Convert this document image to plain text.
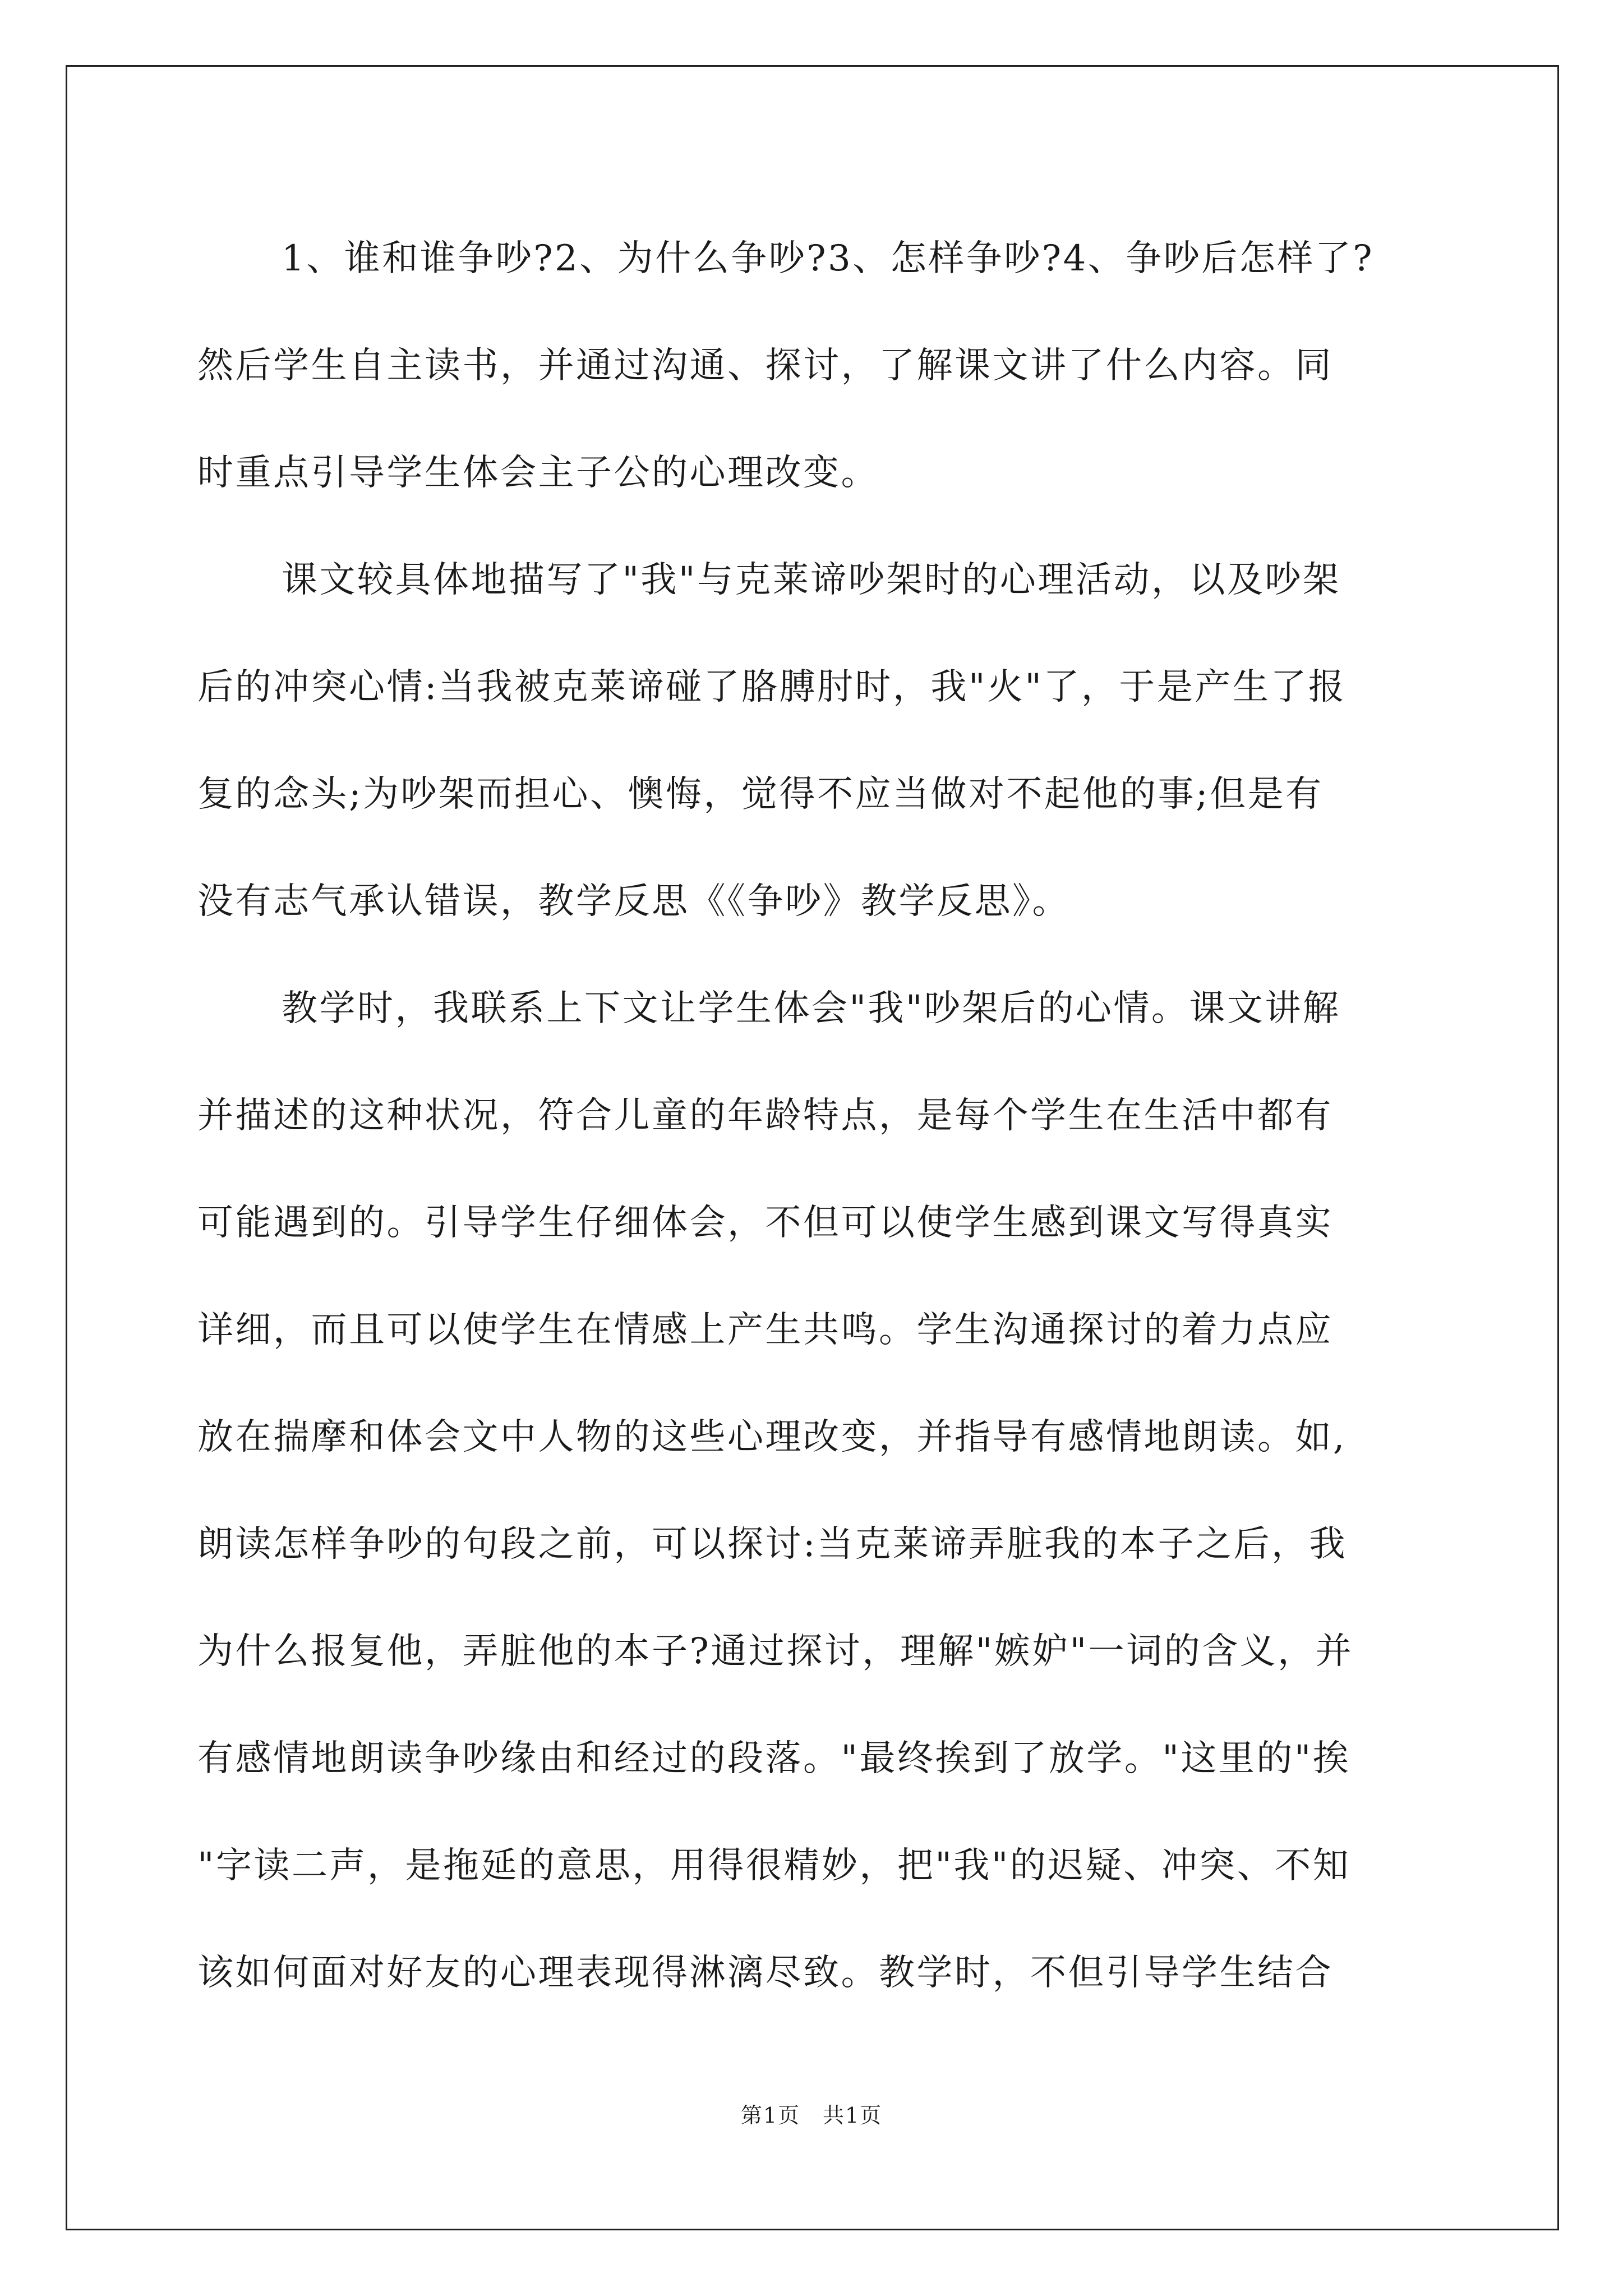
1、谁和谁争吵?2、为什么争吵?3、怎样争吵?4、争吵后怎样了?
然后学生自主读书，并通过沟通、探讨，了解课文讲了什么内容。同
时重点引导学生体会主子公的心理改变。
课文较具体地描写了"我"与克莱谛吵架时的心理活动，以及吵架
后的冲突心情:当我被克莱谛碰了胳膊肘时，我"火"了，于是产生了报
复的念头;为吵架而担心、懊悔，觉得不应当做对不起他的事;但是有
没有志气承认错误，教学反思《《争吵》教学反思》。
教学时，我联系上下文让学生体会"我"吵架后的心情。课文讲解
并描述的这种状况，符合儿童的年龄特点，是每个学生在生活中都有
可能遇到的。引导学生仔细体会，不但可以使学生感到课文写得真实
详细，而且可以使学生在情感上产生共鸣。学生沟通探讨的着力点应
放在揣摩和体会文中人物的这些心理改变，并指导有感情地朗读。如,
朗读怎样争吵的句段之前，可以探讨:当克莱谛弄脏我的本子之后，我
为什么报复他，弄脏他的本子?通过探讨，理解"嫉妒"一词的含义，并
有感情地朗读争吵缘由和经过的段落。"最终挨到了放学。"这里的"挨
"字读二声，是拖延的意思，用得很精妙，把"我"的迟疑、冲突、不知
该如何面对好友的心理表现得淋漓尽致。教学时，不但引导学生结合
第1页　共1页
